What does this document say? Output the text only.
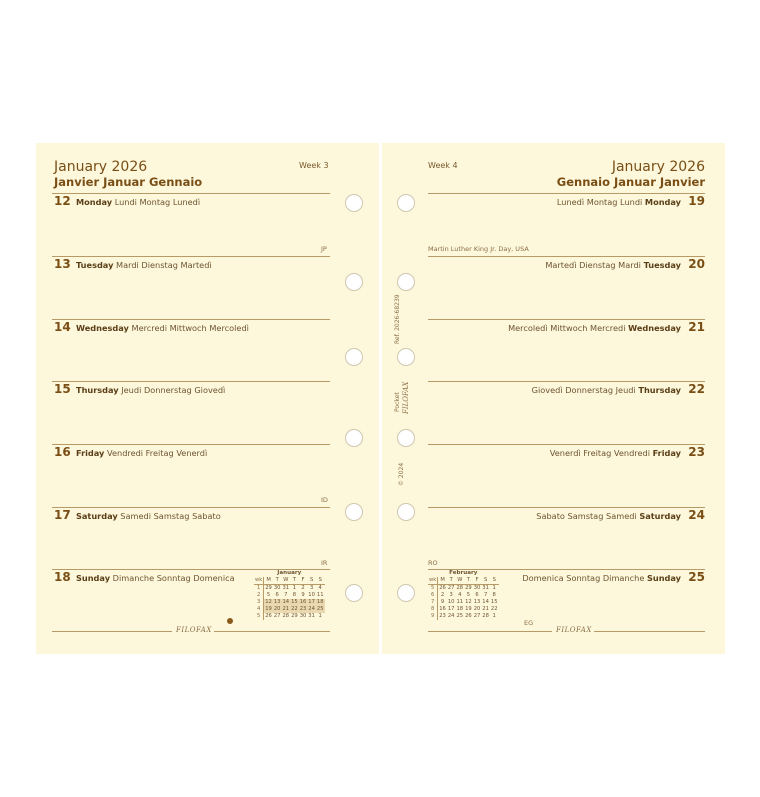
January 2026
Janvier Januar Gennaio
Week 3
12 Monday Lundi Montag Lunedì
JP
13 Tuesday Mardi Dienstag Martedì
14 Wednesday Mercredi Mittwoch Mercoledì
15 Thursday Jeudi Donnerstag Giovedì
16 Friday Vendredi Freitag Venerdì
ID
17 Saturday Samedi Samstag Sabato
IR
18 Sunday Dimanche Sonntag Domenica	January
wk	M	T	W	T	F	S	S
1	29	30	31	1	2	3	4
2	5	6	7	8	9	10	11
3	12	13	14	15	16	17	18
4	19	20	21	22	23	24	25
5	26	27	28	29	30	31	1
FILOFAX
Week 4	January 2026
Gennaio Januar Janvier
Lunedì Montag Lundi Monday 19
Martin Luther King Jr. Day, USA
Martedì Dienstag Mardi Tuesday 20
Mercoledì Mittwoch Mercredi Wednesday 21
Giovedì Donnerstag Jeudi Thursday 22
Venerdì Freitag Vendredi Friday 23
Sabato Samstag Samedi Saturday 24
RO
Domenica Sonntag Dimanche Sunday 25
February
wk	M	T	W	T	F	S	S
5	26	27	28	29	30	31	1
6	2	3	4	5	6	7	8
7	9	10	11	12	13	14	15
8	16	17	18	19	20	21	22
9	23	24	25	26	27	28	1
EG
FILOFAX
Ref. 2026-68239
Pocket FILOFAX
© 2024
